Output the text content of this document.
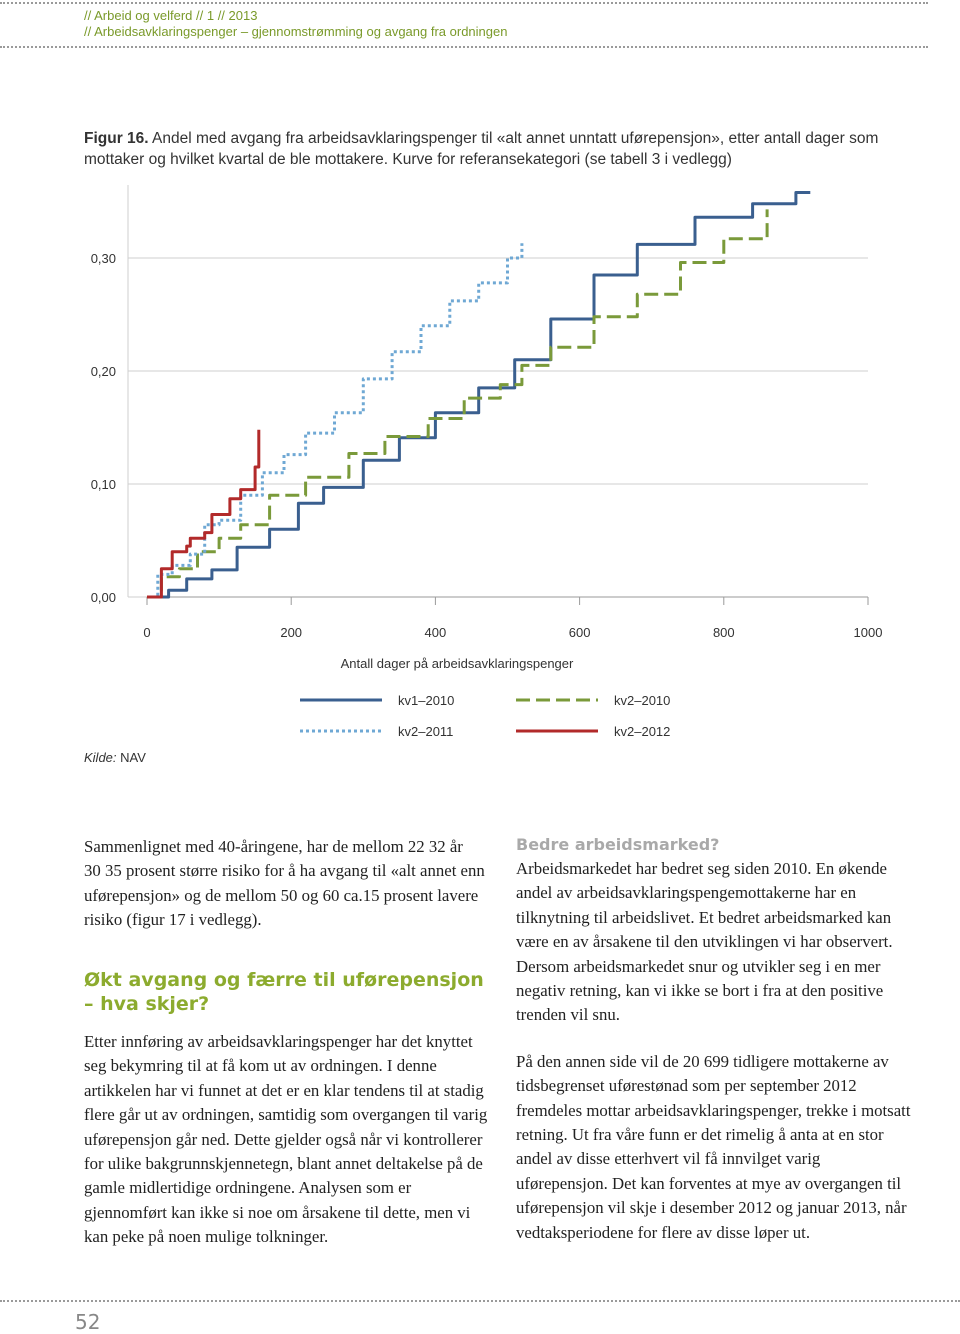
// Arbeid og velferd // 1 // 2013
// Arbeidsavklaringspenger – gjennomstrømming og avgang fra ordningen
Figur 16. Andel med avgang fra arbeidsavklaringspenger til «alt annet unntatt uførepensjon», etter antall dager som mottaker og hvilket kvartal de ble mottakere. Kurve for referansekategori (se tabell 3 i vedlegg)
0,00
0,10
0,20
0,30
0	200	400	600	800	1000
Antall dager på arbeidsavklaringspenger
kv1–2010	kv2–2010
kv2–2011	kv2–2012
Kilde: NAV

Sammenlignet med 40-åringene, har de mellom 22 32 år 30 35 prosent større risiko for å ha avgang til «alt annet enn uførepensjon» og de mellom 50 og 60 ca.15 prosent lavere risiko (figur 17 i vedlegg).

Økt avgang og færre til uførepensjon – hva skjer?

Etter innføring av arbeidsavklaringspenger har det knyttet seg bekymring til at få kom ut av ordningen. I denne artikkelen har vi funnet at det er en klar tendens til at stadig flere går ut av ordningen, samtidig som overgangen til varig uførepensjon går ned. Dette gjelder også når vi kontrollerer for ulike bakgrunnskjennetegn, blant annet deltakelse på de gamle midlertidige ordningene. Analysen som er gjennomført kan ikke si noe om årsakene til dette, men vi kan peke på noen mulige tolkninger.

Bedre arbeidsmarked?

Arbeidsmarkedet har bedret seg siden 2010. En økende andel av arbeidsavklaringspengemottakerne har en tilknytning til arbeidslivet. Et bedret arbeidsmarked kan være en av årsakene til den utviklingen vi har observert. Dersom arbeidsmarkedet snur og utvikler seg i en mer negativ retning, kan vi ikke se bort i fra at den positive trenden vil snu.

På den annen side vil de 20 699 tidligere mottakerne av tidsbegrenset uførestønad som per september 2012 fremdeles mottar arbeidsavklaringspenger, trekke i motsatt retning. Ut fra våre funn er det rimelig å anta at en stor andel av disse etterhvert vil få innvilget varig uførepensjon. Det kan forventes at mye av overgangen til uførepensjon vil skje i desember 2012 og januar 2013, når vedtaksperiodene for flere av disse løper ut.

52
